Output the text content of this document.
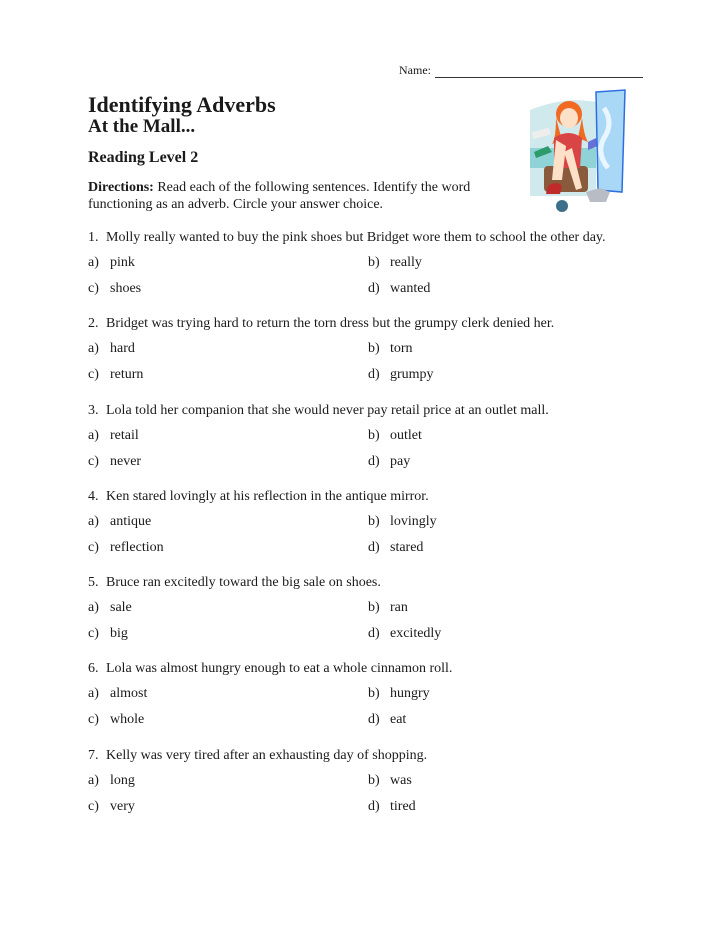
Name:
Identifying Adverbs
At the Mall...
Reading Level 2

Directions: Read each of the following sentences. Identify the word functioning as an adverb. Circle your answer choice.

1. Molly really wanted to buy the pink shoes but Bridget wore them to school the other day.
a) pink	b) really
c) shoes	d) wanted
2. Bridget was trying hard to return the torn dress but the grumpy clerk denied her.
a) hard	b) torn
c) return	d) grumpy
3. Lola told her companion that she would never pay retail price at an outlet mall.
a) retail	b) outlet
c) never	d) pay
4. Ken stared lovingly at his reflection in the antique mirror.
a) antique	b) lovingly
c) reflection	d) stared
5. Bruce ran excitedly toward the big sale on shoes.
a) sale	b) ran
c) big	d) excitedly
6. Lola was almost hungry enough to eat a whole cinnamon roll.
a) almost	b) hungry
c) whole	d) eat
7. Kelly was very tired after an exhausting day of shopping.
a) long	b) was
c) very	d) tired
